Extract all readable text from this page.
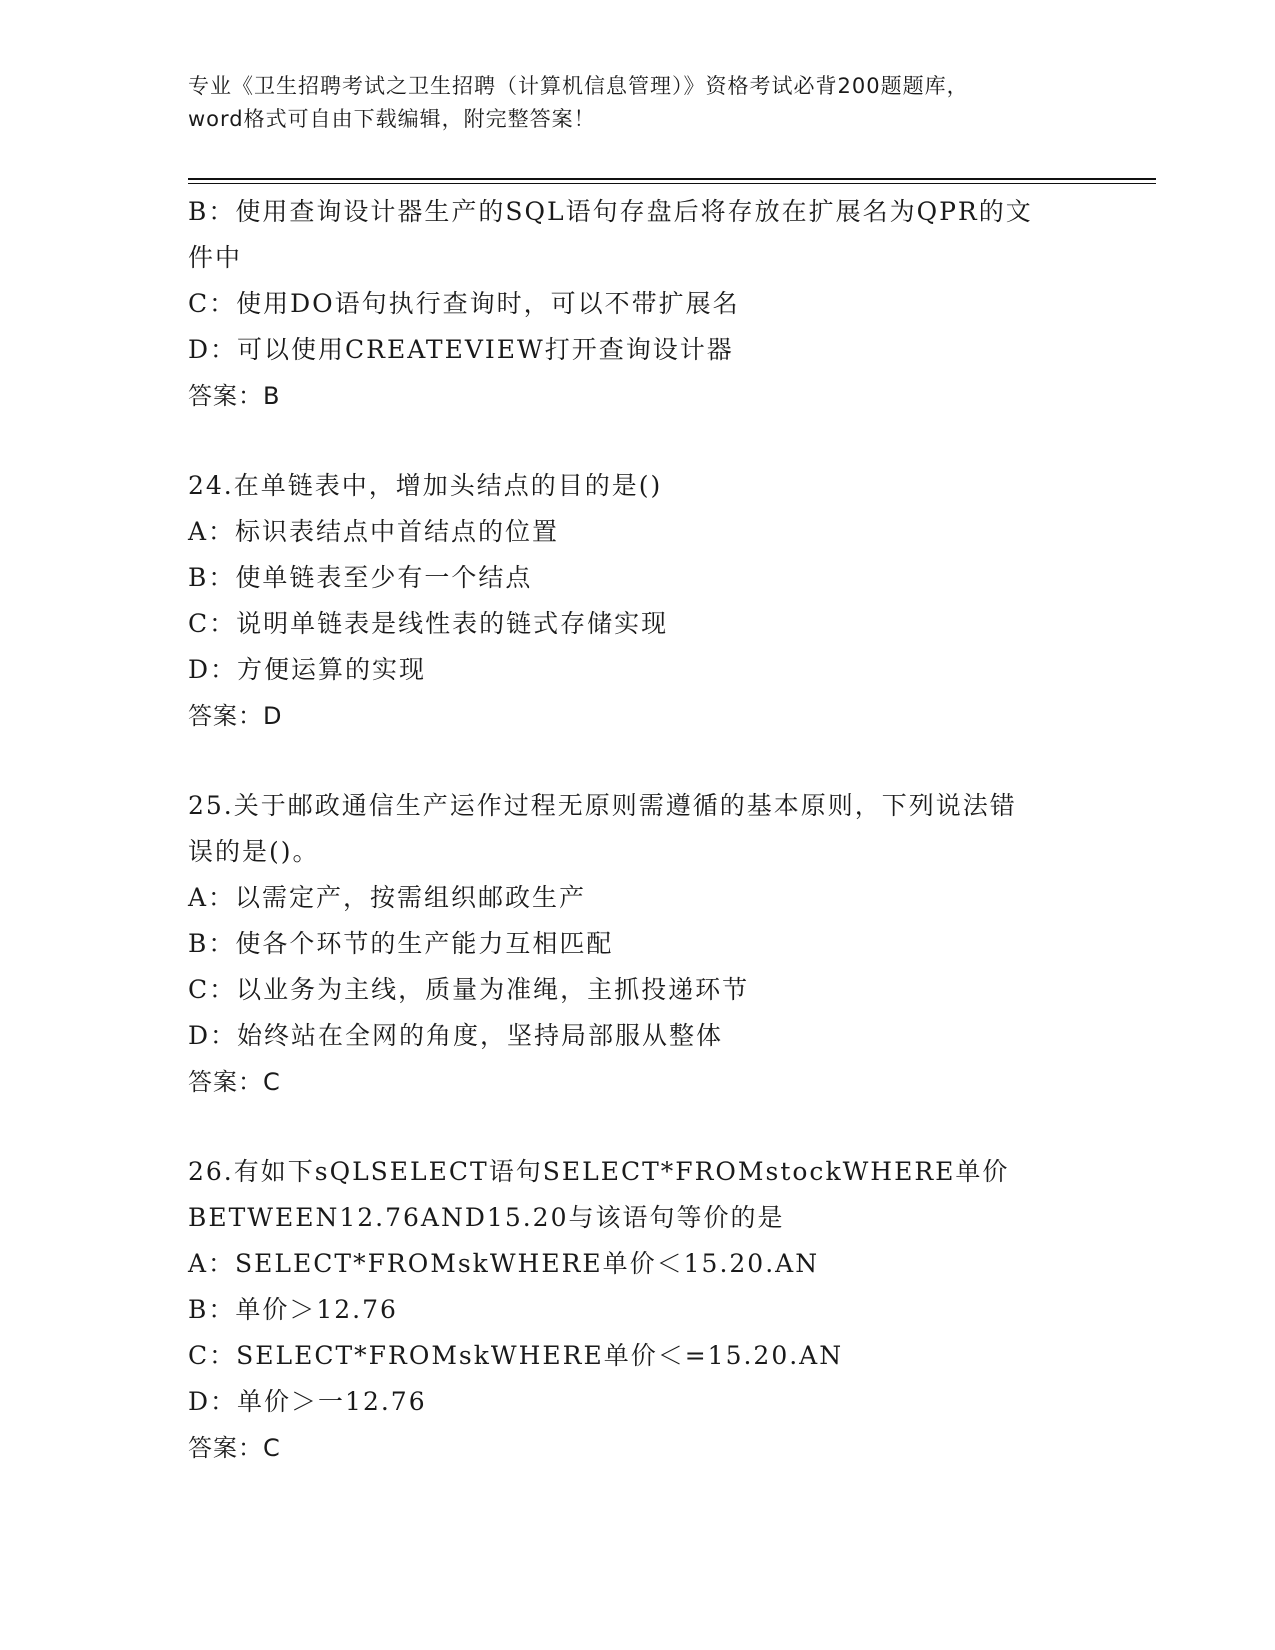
专业《卫生招聘考试之卫生招聘（计算机信息管理）》资格考试必背200题题库，
word格式可自由下载编辑，附完整答案！
B：使用查询设计器生产的SQL语句存盘后将存放在扩展名为QPR的文
件中
C：使用DO语句执行查询时，可以不带扩展名
D：可以使用CREATEVIEW打开查询设计器
答案：B
24.在单链表中，增加头结点的目的是()
A：标识表结点中首结点的位置
B：使单链表至少有一个结点
C：说明单链表是线性表的链式存储实现
D：方便运算的实现
答案：D
25.关于邮政通信生产运作过程无原则需遵循的基本原则，下列说法错
误的是()。
A：以需定产，按需组织邮政生产
B：使各个环节的生产能力互相匹配
C：以业务为主线，质量为准绳，主抓投递环节
D：始终站在全网的角度，坚持局部服从整体
答案：C
26.有如下sQLSELECT语句SELECT*FROMstockWHERE单价
BETWEEN12.76AND15.20与该语句等价的是
A：SELECT*FROMskWHERE单价＜15.20.AN
B：单价＞12.76
C：SELECT*FROMskWHERE单价＜=15.20.AN
D：单价＞一12.76
答案：C
